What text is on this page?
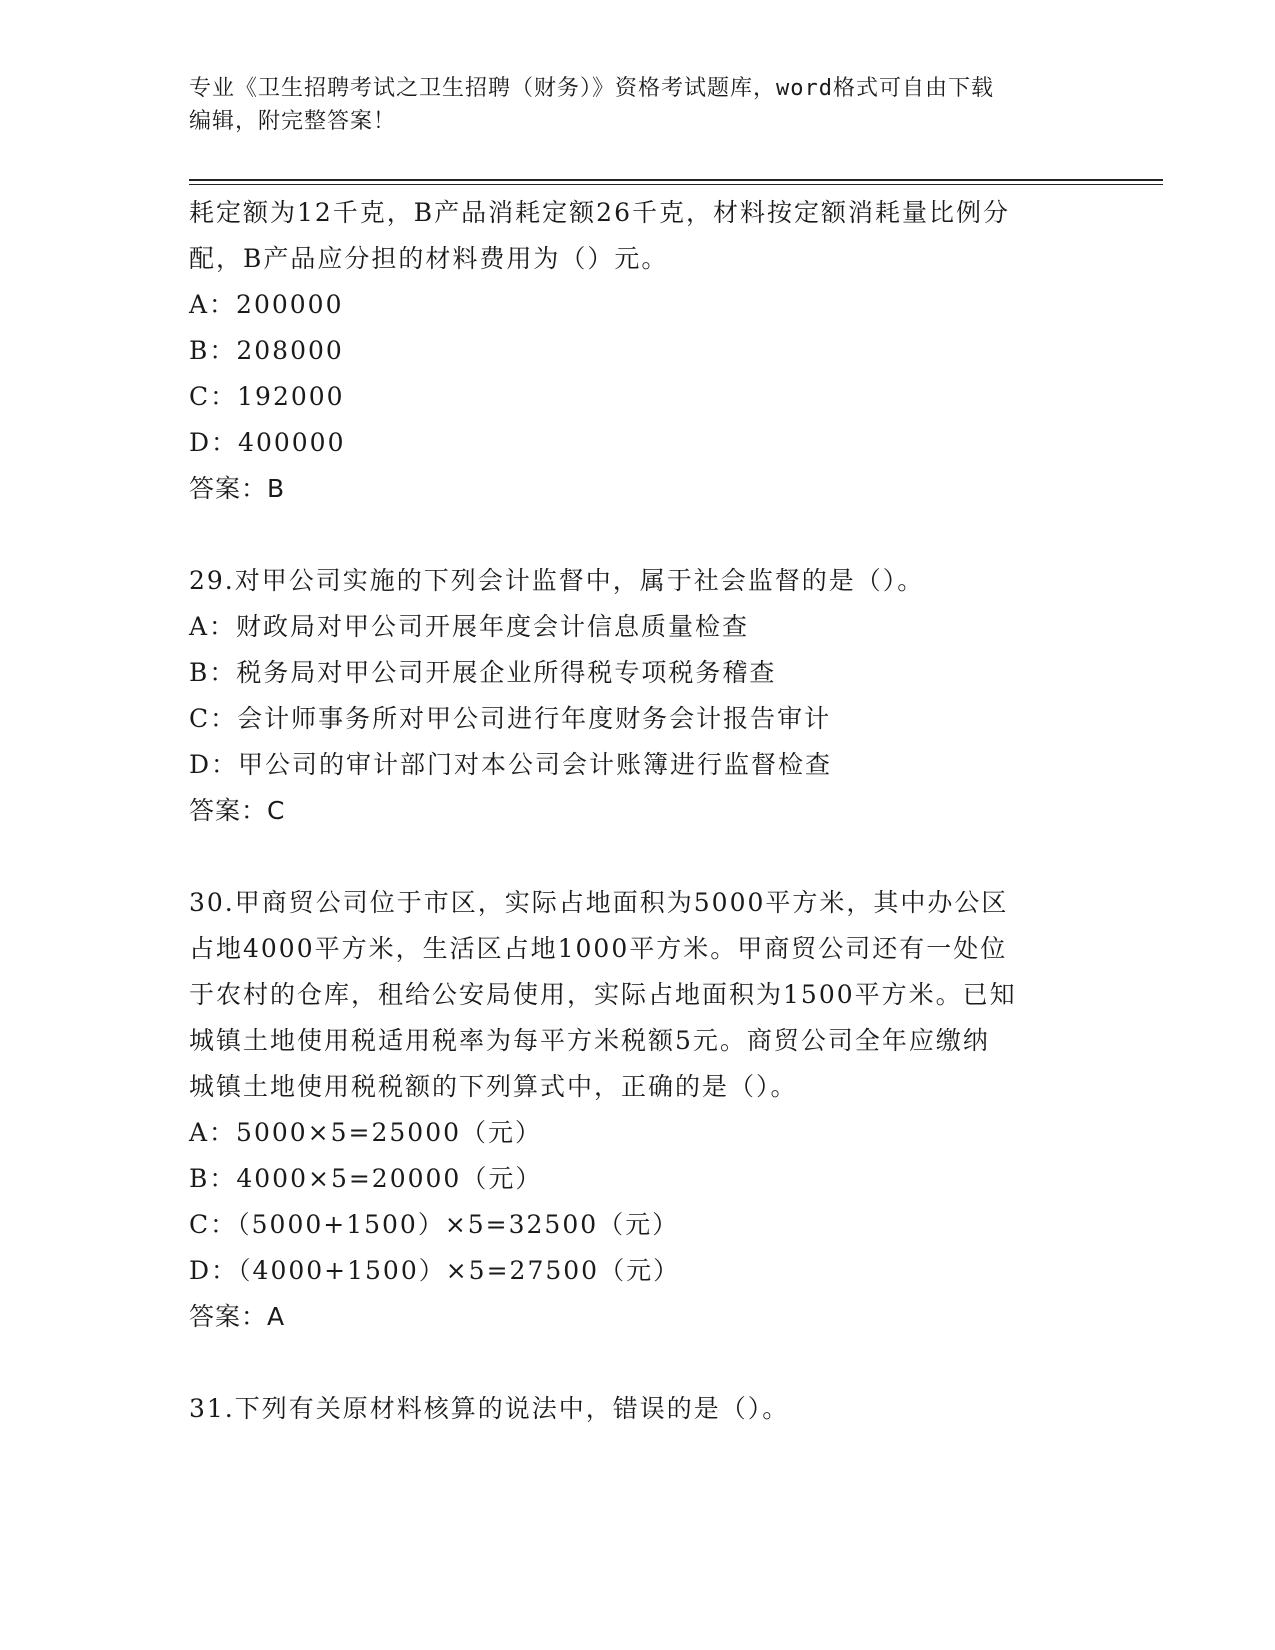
专业《卫生招聘考试之卫生招聘（财务）》资格考试题库，word格式可自由下载
编辑，附完整答案！
耗定额为12千克，B产品消耗定额26千克，材料按定额消耗量比例分
配，B产品应分担的材料费用为（）元。
A：200000
B：208000
C：192000
D：400000
答案：B
29.对甲公司实施的下列会计监督中，属于社会监督的是（）。
A：财政局对甲公司开展年度会计信息质量检查
B：税务局对甲公司开展企业所得税专项税务稽查
C：会计师事务所对甲公司进行年度财务会计报告审计
D：甲公司的审计部门对本公司会计账簿进行监督检查
答案：C
30.甲商贸公司位于市区，实际占地面积为5000平方米，其中办公区
占地4000平方米，生活区占地1000平方米。甲商贸公司还有一处位
于农村的仓库，租给公安局使用，实际占地面积为1500平方米。已知
城镇土地使用税适用税率为每平方米税额5元。商贸公司全年应缴纳
城镇土地使用税税额的下列算式中，正确的是（）。
A：5000×5=25000（元）
B：4000×5=20000（元）
C：（5000+1500）×5=32500（元）
D：（4000+1500）×5=27500（元）
答案：A
31.下列有关原材料核算的说法中，错误的是（）。
